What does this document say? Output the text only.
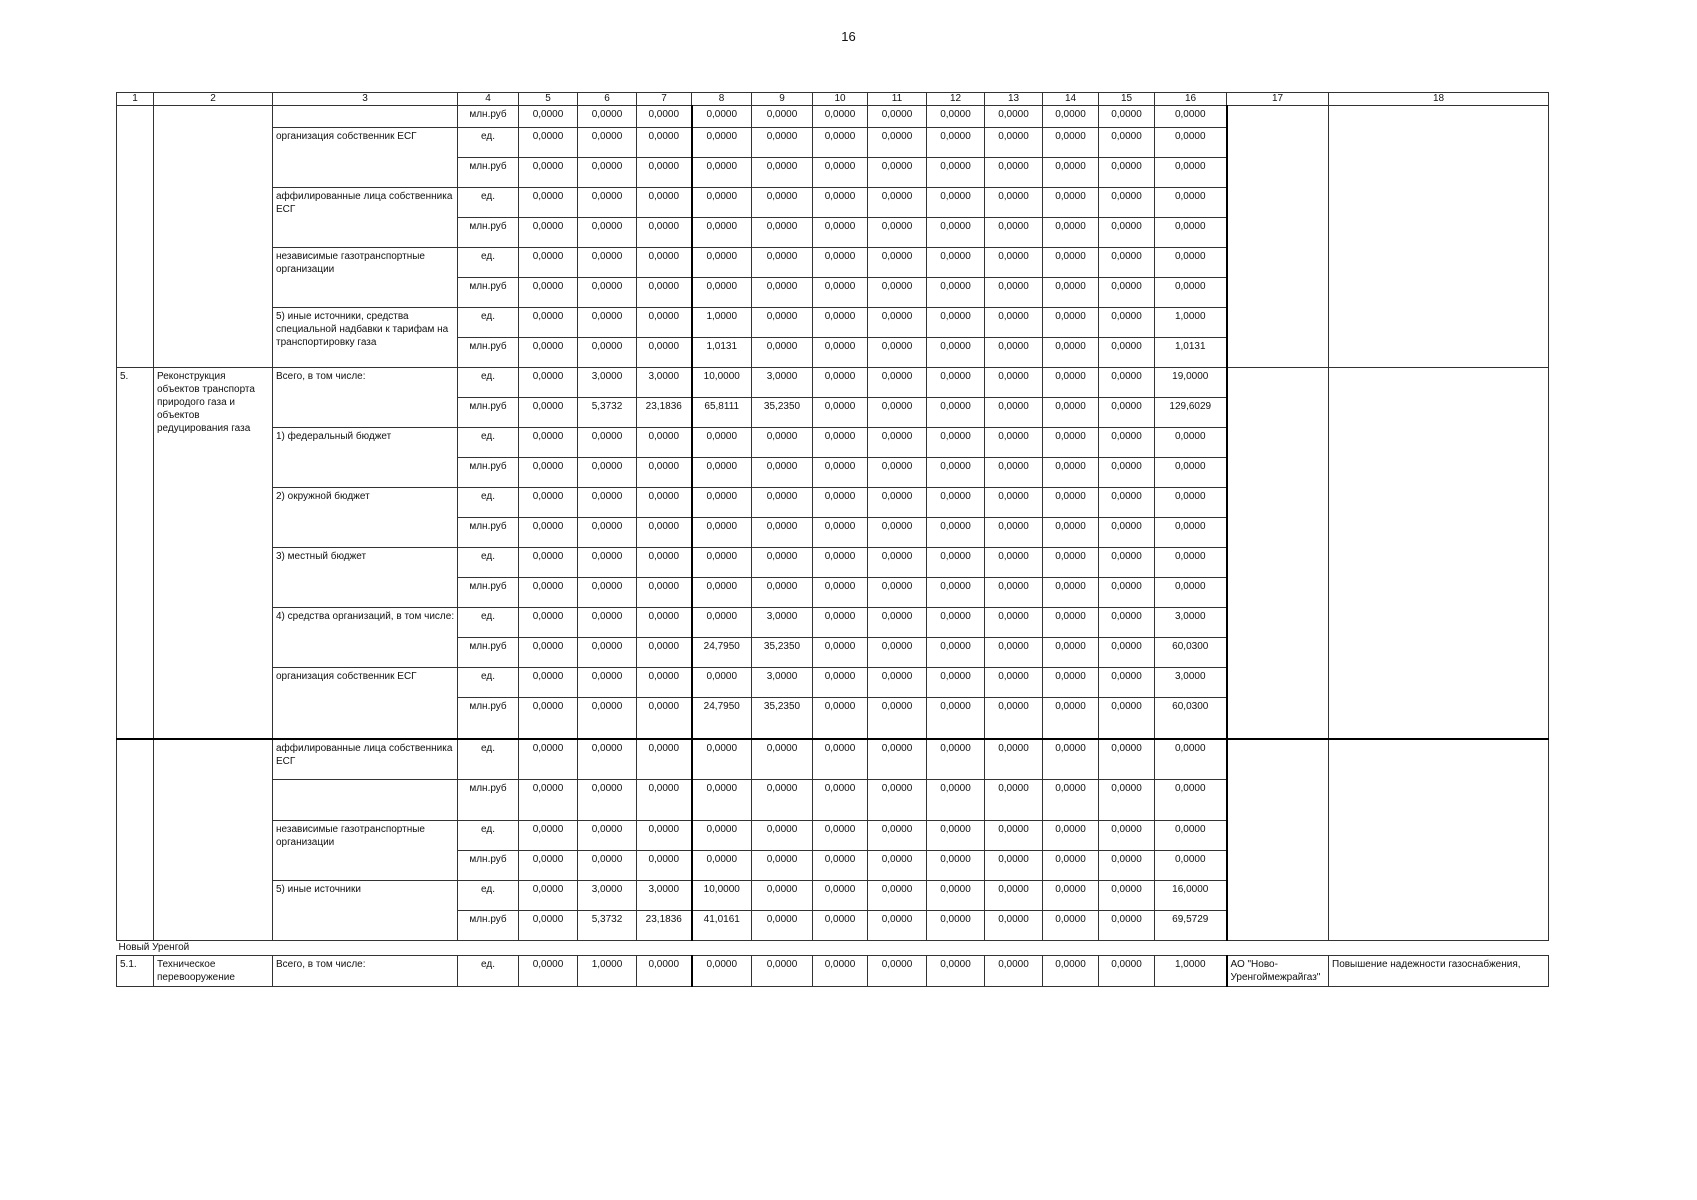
16
1	2	3	4	5	6	7	8	9	10	11	12	13	14	15	16	17	18
			млн.руб	0,0000	0,0000	0,0000	0,0000	0,0000	0,0000	0,0000	0,0000	0,0000	0,0000	0,0000	0,0000		
		организация собственник ЕСГ	ед.	0,0000	0,0000	0,0000	0,0000	0,0000	0,0000	0,0000	0,0000	0,0000	0,0000	0,0000	0,0000		
			млн.руб	0,0000	0,0000	0,0000	0,0000	0,0000	0,0000	0,0000	0,0000	0,0000	0,0000	0,0000	0,0000		
		аффилированные лица собственника ЕСГ	ед.	0,0000	0,0000	0,0000	0,0000	0,0000	0,0000	0,0000	0,0000	0,0000	0,0000	0,0000	0,0000		
			млн.руб	0,0000	0,0000	0,0000	0,0000	0,0000	0,0000	0,0000	0,0000	0,0000	0,0000	0,0000	0,0000		
		независимые газотранспортные организации	ед.	0,0000	0,0000	0,0000	0,0000	0,0000	0,0000	0,0000	0,0000	0,0000	0,0000	0,0000	0,0000		
			млн.руб	0,0000	0,0000	0,0000	0,0000	0,0000	0,0000	0,0000	0,0000	0,0000	0,0000	0,0000	0,0000		
		5) иные источники, средства специальной надбавки к тарифам на транспортировку газа	ед.	0,0000	0,0000	0,0000	1,0000	0,0000	0,0000	0,0000	0,0000	0,0000	0,0000	0,0000	1,0000		
			млн.руб	0,0000	0,0000	0,0000	1,0131	0,0000	0,0000	0,0000	0,0000	0,0000	0,0000	0,0000	1,0131		
5.	Реконструкция объектов транспорта природого газа и объектов редуцирования газа	Всего, в том числе:	ед.	0,0000	3,0000	3,0000	10,0000	3,0000	0,0000	0,0000	0,0000	0,0000	0,0000	0,0000	19,0000		
			млн.руб	0,0000	5,3732	23,1836	65,8111	35,2350	0,0000	0,0000	0,0000	0,0000	0,0000	0,0000	129,6029		
		1) федеральный бюджет	ед.	0,0000	0,0000	0,0000	0,0000	0,0000	0,0000	0,0000	0,0000	0,0000	0,0000	0,0000	0,0000		
			млн.руб	0,0000	0,0000	0,0000	0,0000	0,0000	0,0000	0,0000	0,0000	0,0000	0,0000	0,0000	0,0000		
		2) окружной бюджет	ед.	0,0000	0,0000	0,0000	0,0000	0,0000	0,0000	0,0000	0,0000	0,0000	0,0000	0,0000	0,0000		
			млн.руб	0,0000	0,0000	0,0000	0,0000	0,0000	0,0000	0,0000	0,0000	0,0000	0,0000	0,0000	0,0000		
		3) местный бюджет	ед.	0,0000	0,0000	0,0000	0,0000	0,0000	0,0000	0,0000	0,0000	0,0000	0,0000	0,0000	0,0000		
			млн.руб	0,0000	0,0000	0,0000	0,0000	0,0000	0,0000	0,0000	0,0000	0,0000	0,0000	0,0000	0,0000		
		4) средства организаций, в том числе:	ед.	0,0000	0,0000	0,0000	0,0000	3,0000	0,0000	0,0000	0,0000	0,0000	0,0000	0,0000	3,0000		
			млн.руб	0,0000	0,0000	0,0000	24,7950	35,2350	0,0000	0,0000	0,0000	0,0000	0,0000	0,0000	60,0300		
		организация собственник ЕСГ	ед.	0,0000	0,0000	0,0000	0,0000	3,0000	0,0000	0,0000	0,0000	0,0000	0,0000	0,0000	3,0000		
			млн.руб	0,0000	0,0000	0,0000	24,7950	35,2350	0,0000	0,0000	0,0000	0,0000	0,0000	0,0000	60,0300		
		аффилированные лица собственника ЕСГ	ед.	0,0000	0,0000	0,0000	0,0000	0,0000	0,0000	0,0000	0,0000	0,0000	0,0000	0,0000	0,0000		
			млн.руб	0,0000	0,0000	0,0000	0,0000	0,0000	0,0000	0,0000	0,0000	0,0000	0,0000	0,0000	0,0000		
		независимые газотранспортные организации	ед.	0,0000	0,0000	0,0000	0,0000	0,0000	0,0000	0,0000	0,0000	0,0000	0,0000	0,0000	0,0000		
			млн.руб	0,0000	0,0000	0,0000	0,0000	0,0000	0,0000	0,0000	0,0000	0,0000	0,0000	0,0000	0,0000		
		5) иные источники	ед.	0,0000	3,0000	3,0000	10,0000	0,0000	0,0000	0,0000	0,0000	0,0000	0,0000	0,0000	16,0000		
			млн.руб	0,0000	5,3732	23,1836	41,0161	0,0000	0,0000	0,0000	0,0000	0,0000	0,0000	0,0000	69,5729		
Новый Уренгой																	
5.1.	Техническое перевооружение	Всего, в том числе:	ед.	0,0000	1,0000	0,0000	0,0000	0,0000	0,0000	0,0000	0,0000	0,0000	0,0000	0,0000	1,0000	АО "Ново-Уренгоймежрайгаз"	Повышение надежности газоснабжения,
